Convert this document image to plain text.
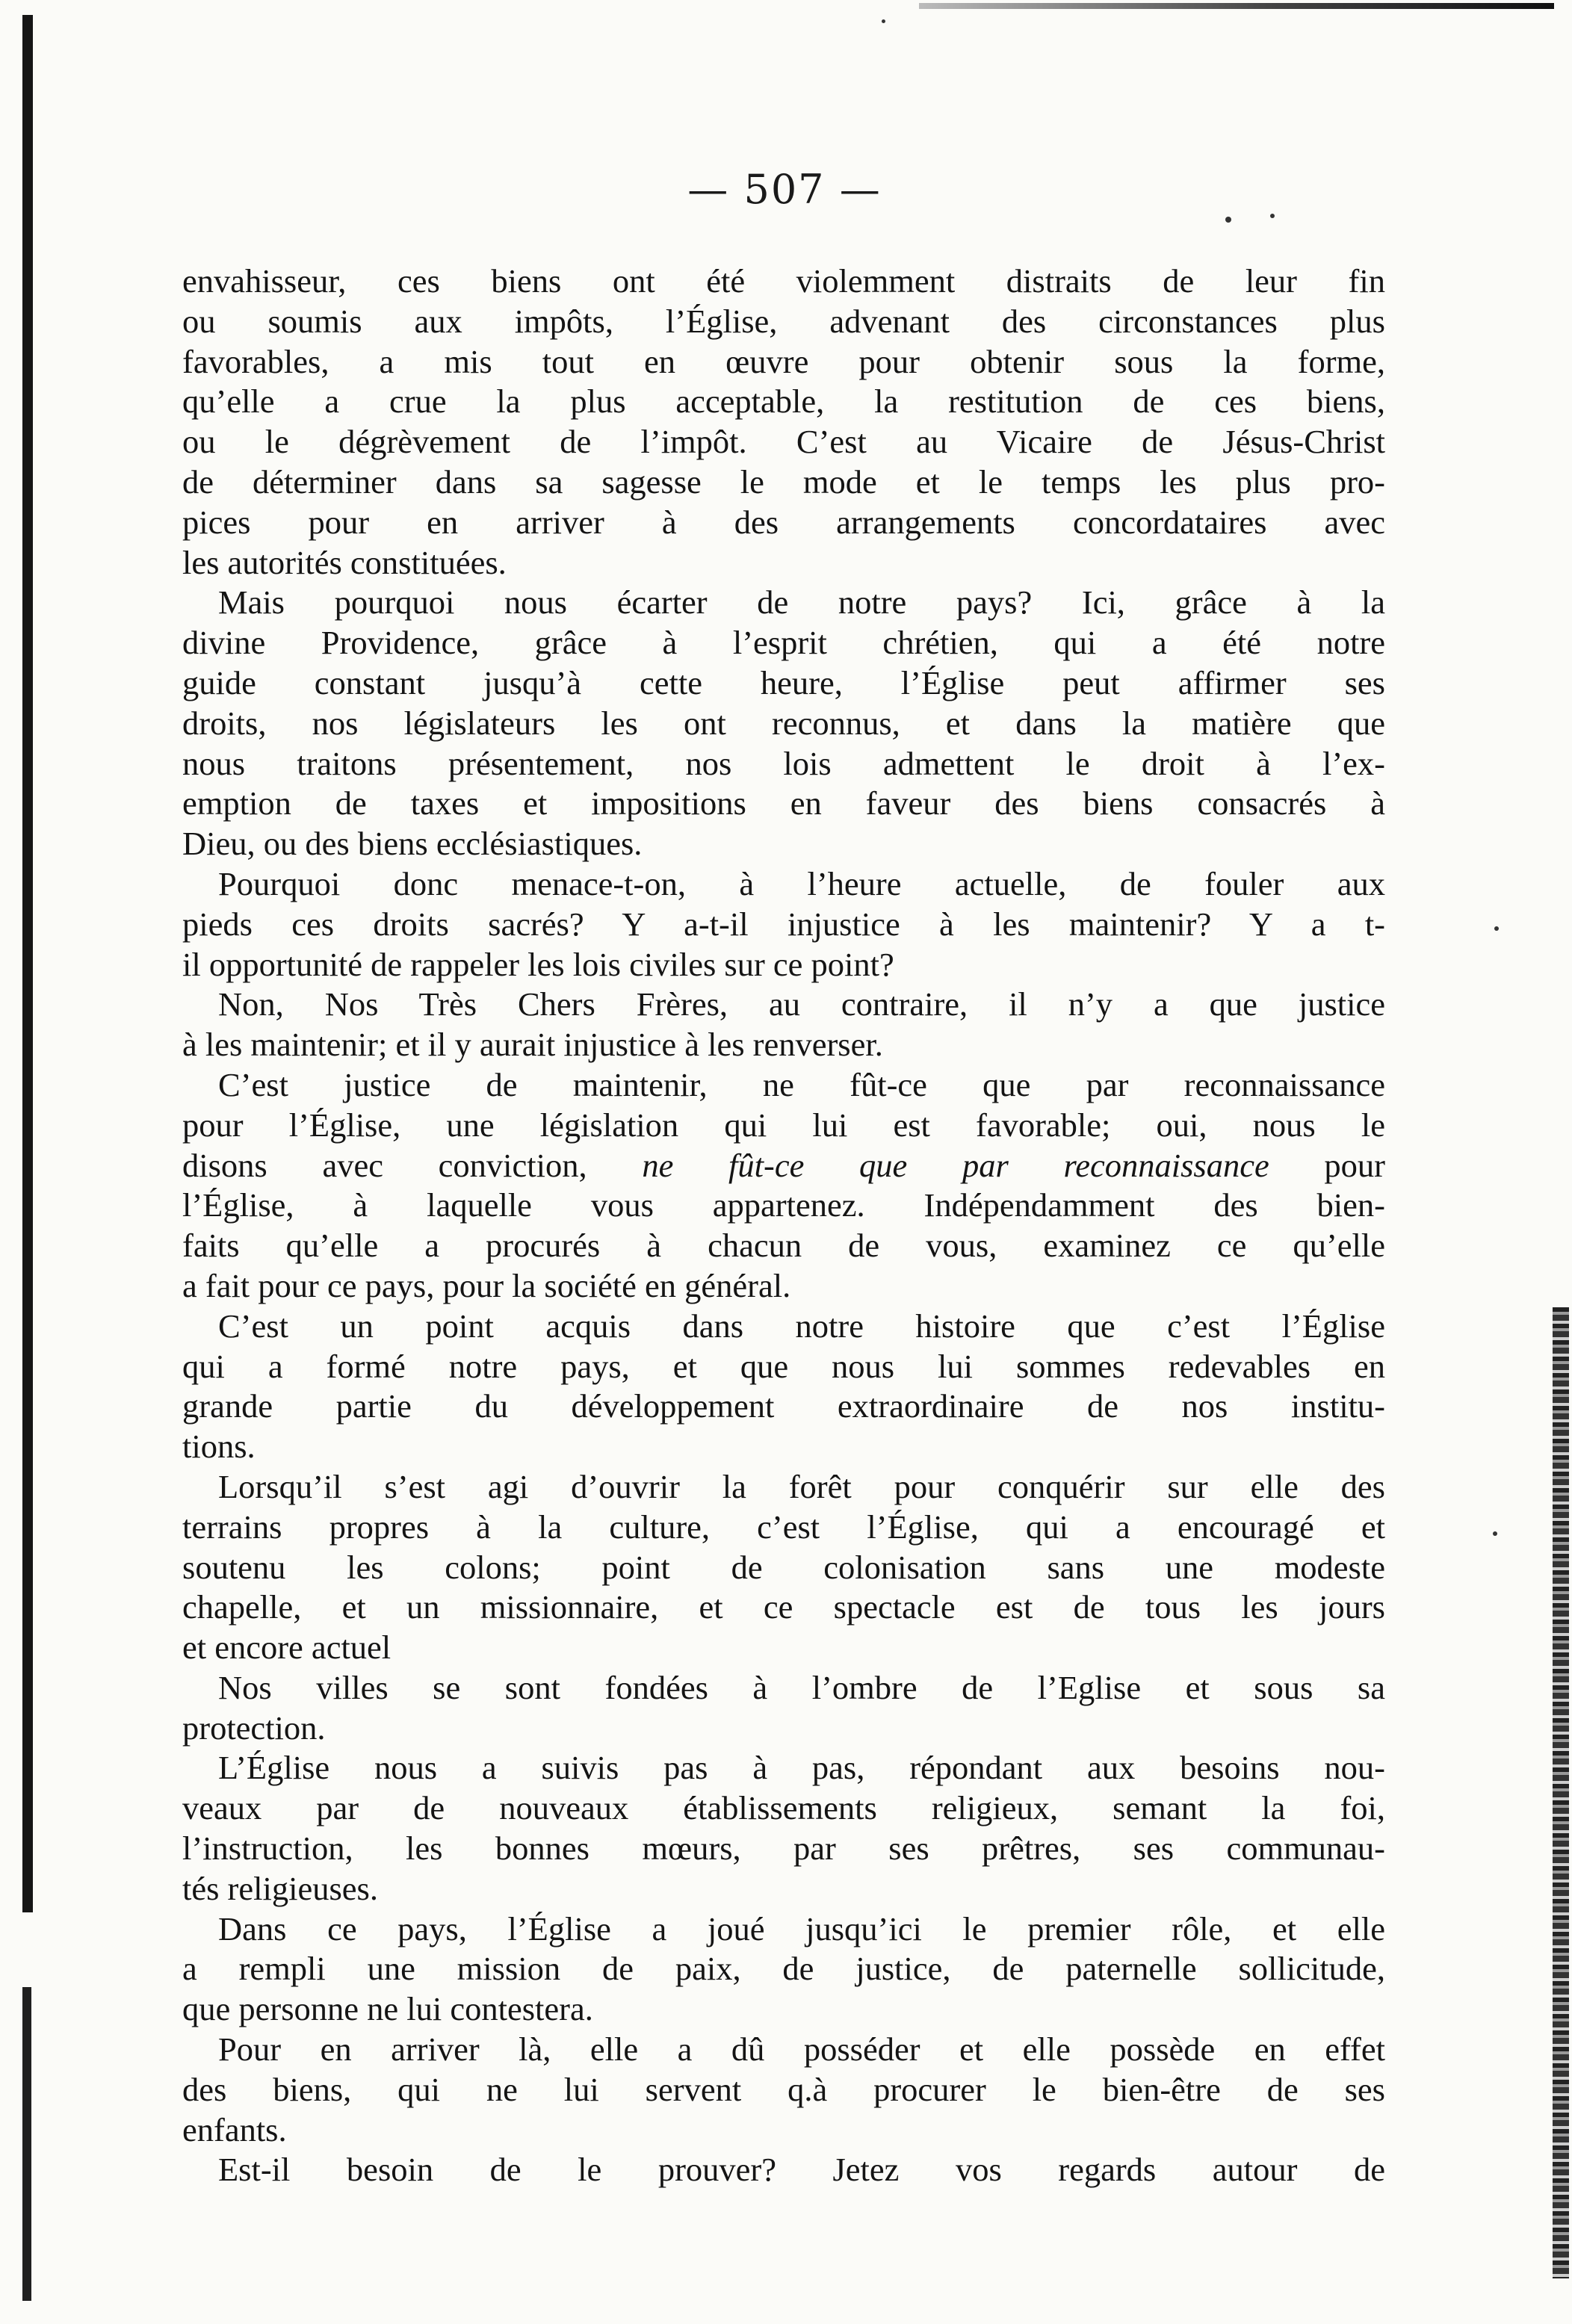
— 507 —
envahisseur, ces biens ont été violemment distraits de leur fin
ou soumis aux impôts, l’Église, advenant des circonstances plus
favorables, a mis tout en œuvre pour obtenir sous la forme,
qu’elle a crue la plus acceptable, la restitution de ces biens,
ou le dégrèvement de l’impôt. C’est au Vicaire de Jésus-Christ
de déterminer dans sa sagesse le mode et le temps les plus pro-
pices pour en arriver à des arrangements concordataires avec
les autorités constituées.
Mais pourquoi nous écarter de notre pays? Ici, grâce à la
divine Providence, grâce à l’esprit chrétien, qui a été notre
guide constant jusqu’à cette heure, l’Église peut affirmer ses
droits, nos législateurs les ont reconnus, et dans la matière que
nous traitons présentement, nos lois admettent le droit à l’ex-
emption de taxes et impositions en faveur des biens consacrés à
Dieu, ou des biens ecclésiastiques.
Pourquoi donc menace-t-on, à l’heure actuelle, de fouler aux
pieds ces droits sacrés? Y a-t-il injustice à les maintenir? Y a t-
il opportunité de rappeler les lois civiles sur ce point?
Non, Nos Très Chers Frères, au contraire, il n’y a que justice
à les maintenir; et il y aurait injustice à les renverser.
C’est justice de maintenir, ne fût-ce que par reconnaissance
pour l’Église, une législation qui lui est favorable; oui, nous le
disons avec conviction, ne fût-ce que par reconnaissance pour
l’Église, à laquelle vous appartenez. Indépendamment des bien-
faits qu’elle a procurés à chacun de vous, examinez ce qu’elle
a fait pour ce pays, pour la société en général.
C’est un point acquis dans notre histoire que c’est l’Église
qui a formé notre pays, et que nous lui sommes redevables en
grande partie du développement extraordinaire de nos institu-
tions.
Lorsqu’il s’est agi d’ouvrir la forêt pour conquérir sur elle des
terrains propres à la culture, c’est l’Église, qui a encouragé et
soutenu les colons; point de colonisation sans une modeste
chapelle, et un missionnaire, et ce spectacle est de tous les jours
et encore actuel
Nos villes se sont fondées à l’ombre de l’Eglise et sous sa
protection.
L’Église nous a suivis pas à pas, répondant aux besoins nou-
veaux par de nouveaux établissements religieux, semant la foi,
l’instruction, les bonnes mœurs, par ses prêtres, ses communau-
tés religieuses.
Dans ce pays, l’Église a joué jusqu’ici le premier rôle, et elle
a rempli une mission de paix, de justice, de paternelle sollicitude,
que personne ne lui contestera.
Pour en arriver là, elle a dû posséder et elle possède en effet
des biens, qui ne lui servent q.à procurer le bien-être de ses
enfants.
Est-il besoin de le prouver? Jetez vos regards autour de
